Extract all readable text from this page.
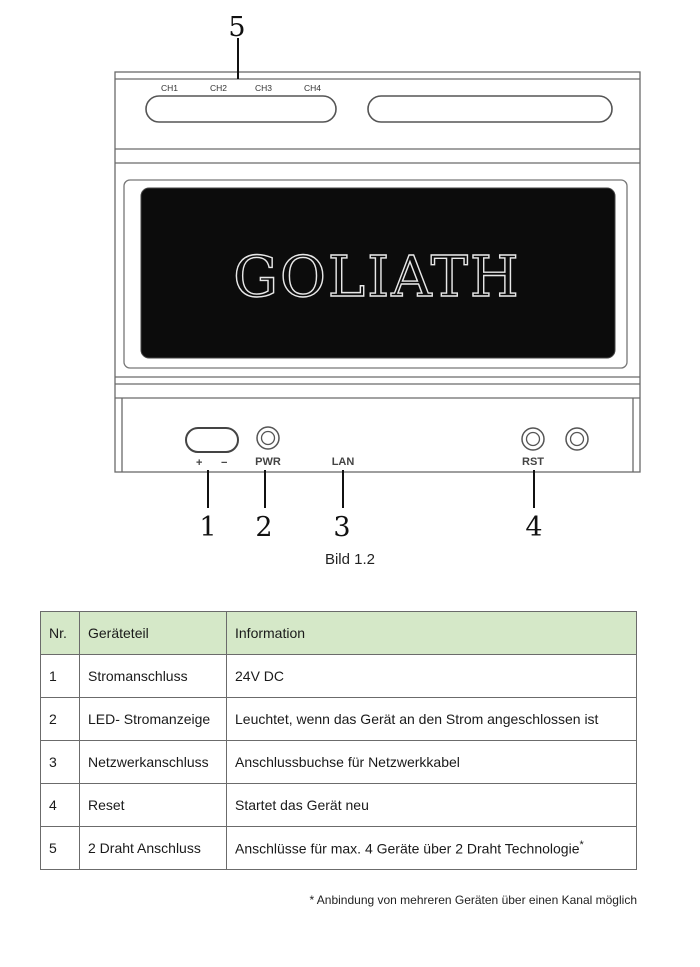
CH1	CH2	CH3	CH4
GOLIATH
+ −	PWR	LAN	RST
5
1 2 3	4
Bild 1.2
Nr.	Geräteteil	Information
1	Stromanschluss	24V DC
2	LED- Stromanzeige	Leuchtet, wenn das Gerät an den Strom angeschlossen ist
3	Netzwerkanschluss	Anschlussbuchse für Netzwerkkabel
4	Reset	Startet das Gerät neu
5	2 Draht Anschluss	Anschlüsse für max. 4 Geräte über 2 Draht Technologie*
* Anbindung von mehreren Geräten über einen Kanal möglich
